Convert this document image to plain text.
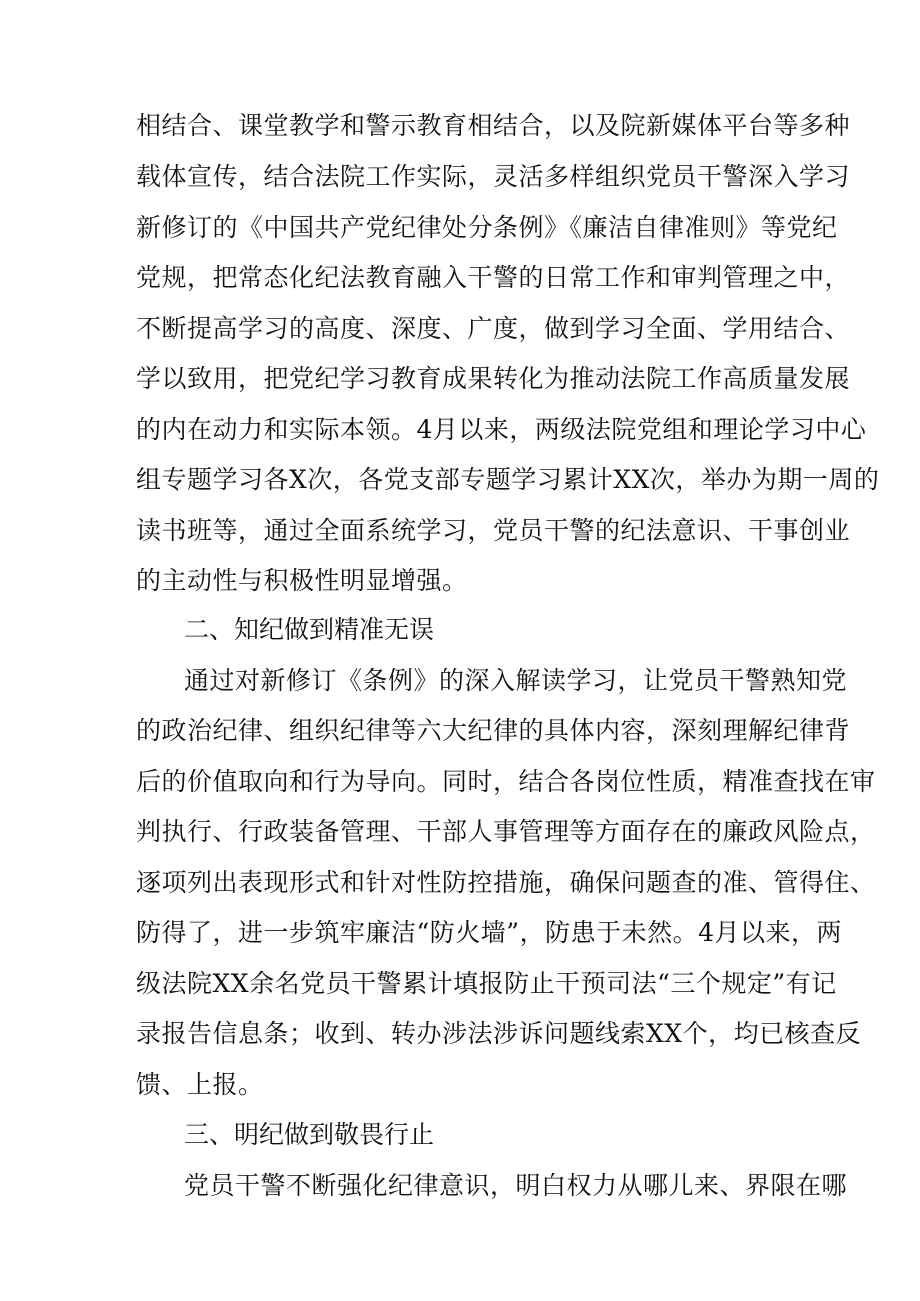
相结合、课堂教学和警示教育相结合，以及院新媒体平台等多种
载体宣传，结合法院工作实际，灵活多样组织党员干警深入学习
新修订的《中国共产党纪律处分条例》《廉洁自律准则》等党纪
党规，把常态化纪法教育融入干警的日常工作和审判管理之中，
不断提高学习的高度、深度、广度，做到学习全面、学用结合、
学以致用，把党纪学习教育成果转化为推动法院工作高质量发展
的内在动力和实际本领。4月以来，两级法院党组和理论学习中心
组专题学习各X次，各党支部专题学习累计XX次，举办为期一周的
读书班等，通过全面系统学习，党员干警的纪法意识、干事创业
的主动性与积极性明显增强。
二、知纪做到精准无误
通过对新修订《条例》的深入解读学习，让党员干警熟知党
的政治纪律、组织纪律等六大纪律的具体内容，深刻理解纪律背
后的价值取向和行为导向。同时，结合各岗位性质，精准查找在审
判执行、行政装备管理、干部人事管理等方面存在的廉政风险点，
逐项列出表现形式和针对性防控措施，确保问题查的准、管得住、
防得了，进一步筑牢廉洁“防火墙”，防患于未然。4月以来，两
级法院XX余名党员干警累计填报防止干预司法“三个规定”有记
录报告信息条；收到、转办涉法涉诉问题线索XX个，均已核查反
馈、上报。
三、明纪做到敬畏行止
党员干警不断强化纪律意识，明白权力从哪儿来、界限在哪
